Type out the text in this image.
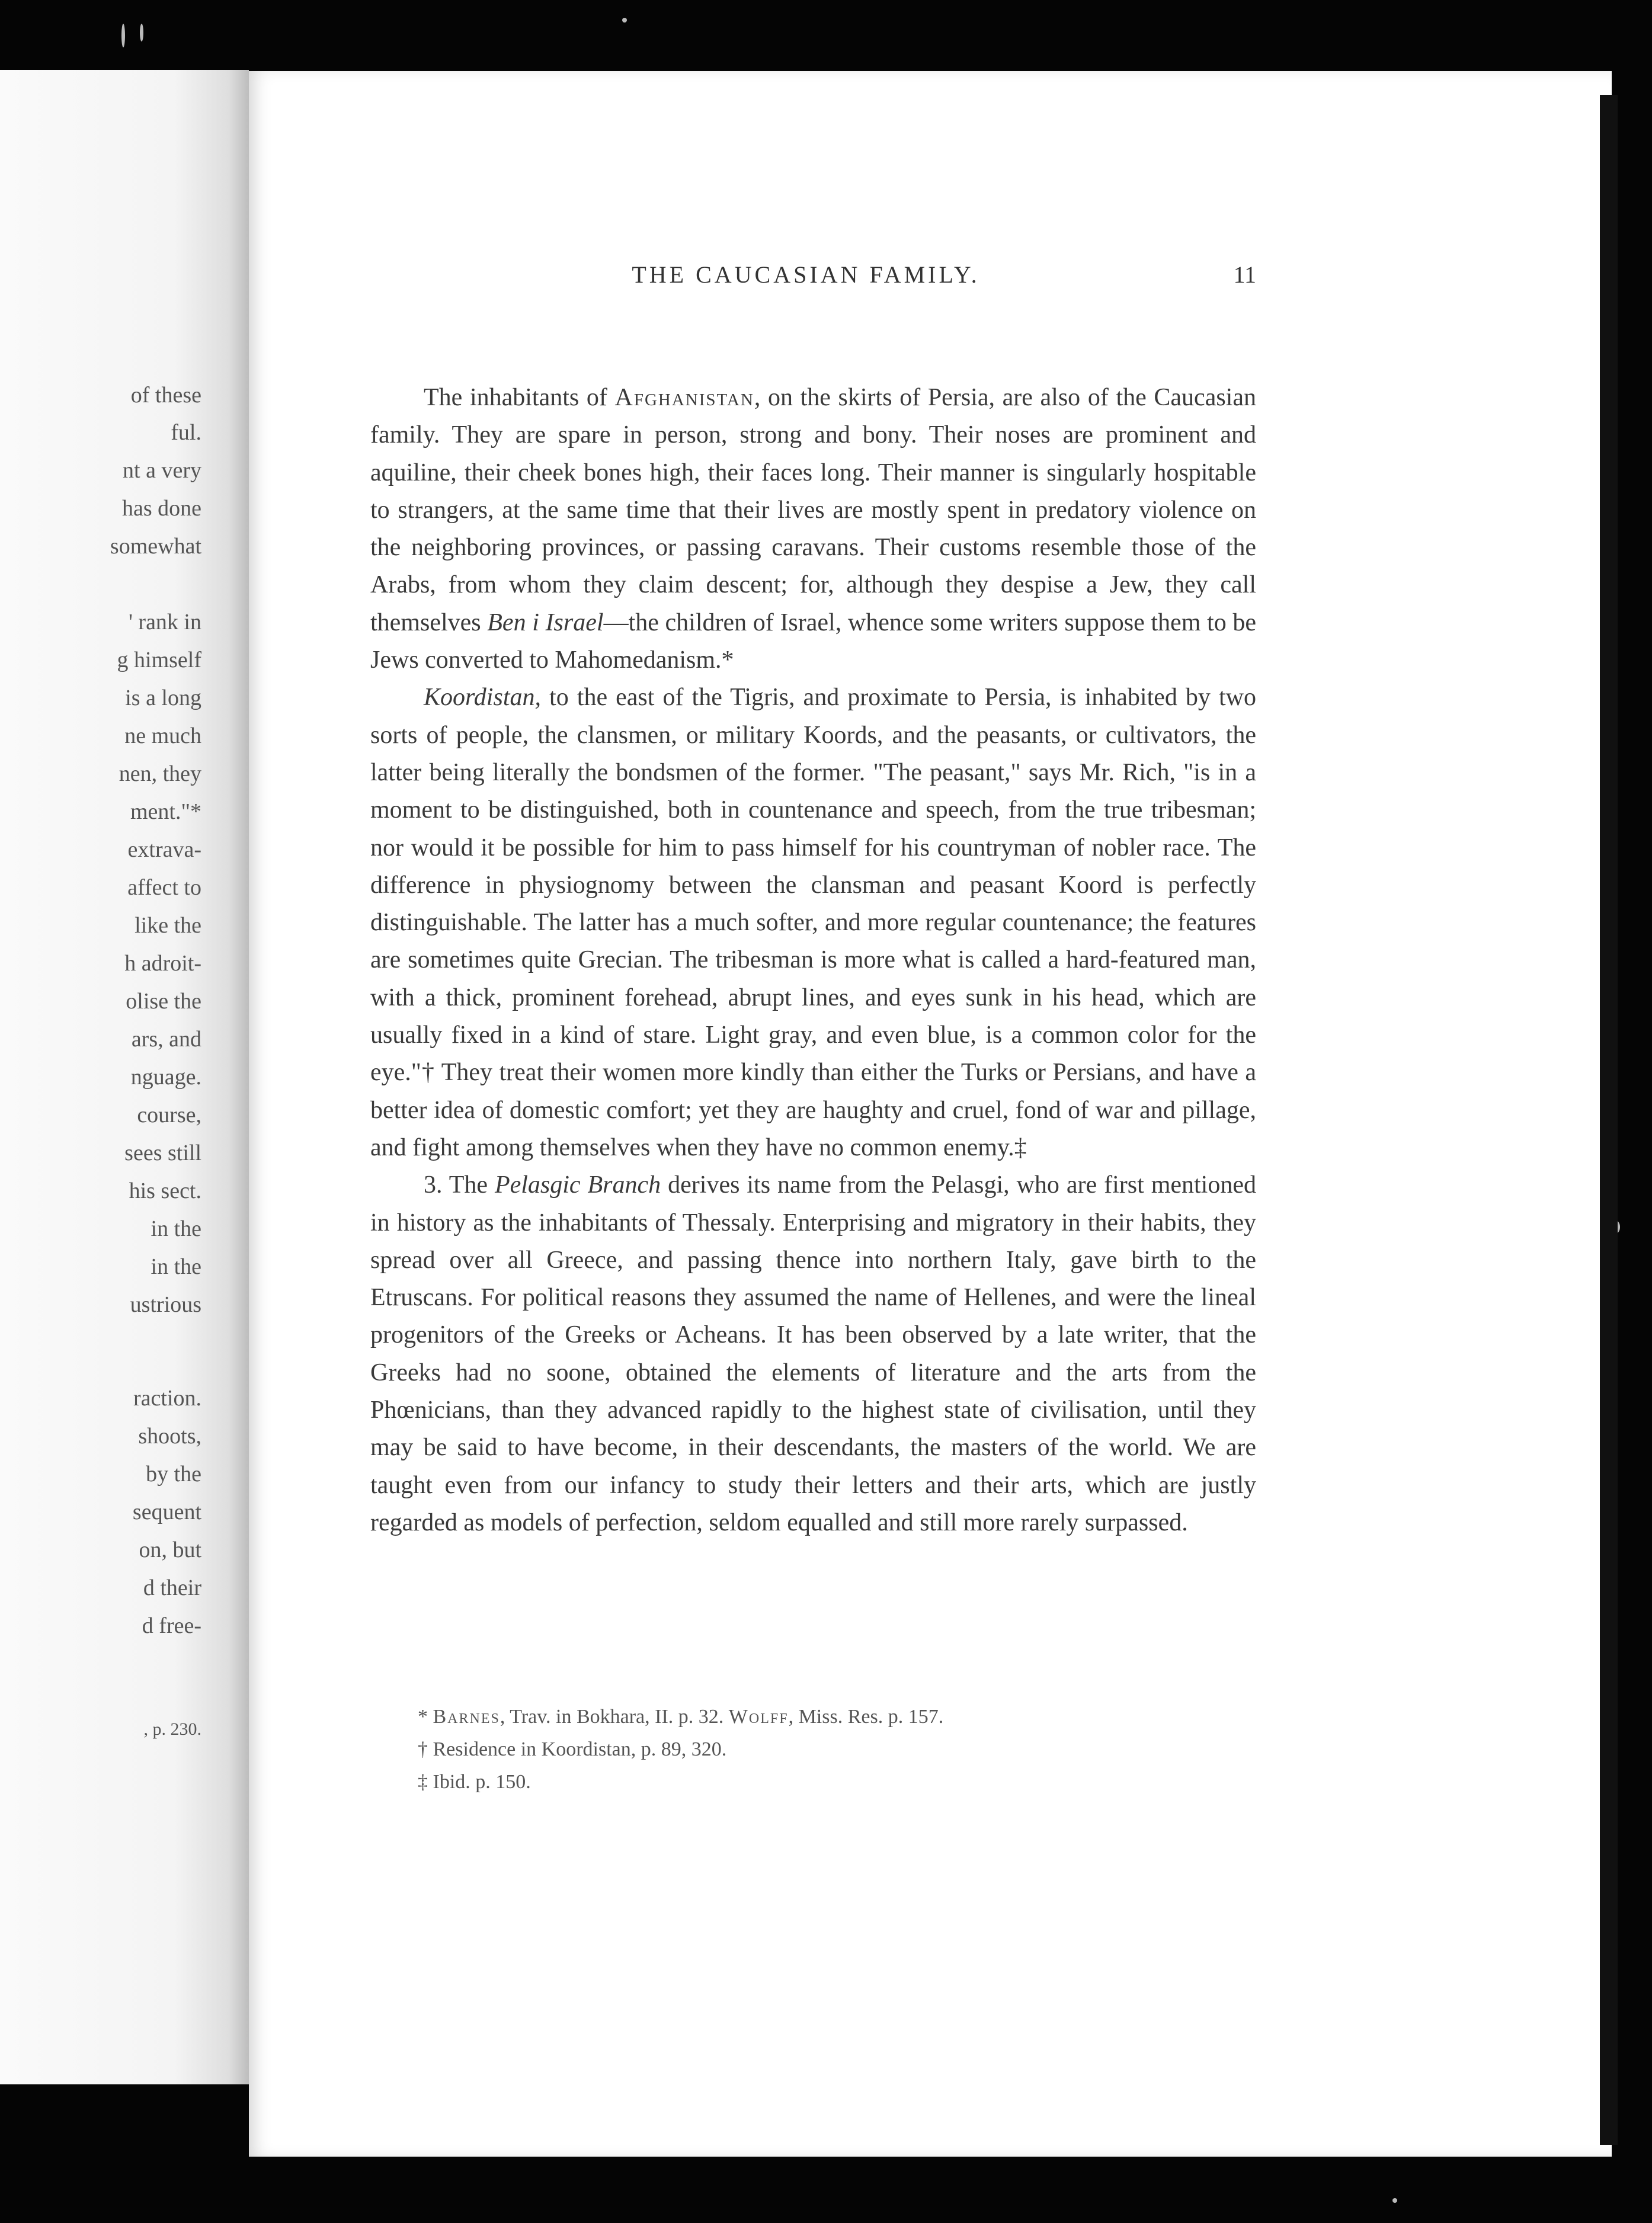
of these
ful.
nt a very
has done
somewhat
' rank in
g himself
is a long
ne much
nen, they
ment."*
extrava-
affect to
like the
h adroit-
olise the
ars, and
nguage.
course,
sees still
his sect.
in the
in the
ustrious
raction.
shoots,
by the
sequent
on, but
d their
d free-
, p. 230.
THE CAUCASIAN FAMILY.	11

The inhabitants of Afghanistan, on the skirts of Persia, are also of the Caucasian family. They are spare in person, strong and bony. Their noses are prominent and aquiline, their cheek bones high, their faces long. Their manner is singularly hospitable to strangers, at the same time that their lives are mostly spent in predatory violence on the neighboring provinces, or passing caravans. Their customs resemble those of the Arabs, from whom they claim descent; for, although they despise a Jew, they call themselves Ben i Israel—the children of Israel, whence some writers suppose them to be Jews converted to Mahomedanism.*

Koordistan, to the east of the Tigris, and proximate to Persia, is inhabited by two sorts of people, the clansmen, or military Koords, and the peasants, or cultivators, the latter being literally the bondsmen of the former. "The peasant," says Mr. Rich, "is in a moment to be distinguished, both in countenance and speech, from the true tribesman; nor would it be possible for him to pass himself for his countryman of nobler race. The difference in physiognomy between the clansman and peasant Koord is perfectly distinguishable. The latter has a much softer, and more regular countenance; the features are sometimes quite Grecian. The tribesman is more what is called a hard-featured man, with a thick, prominent forehead, abrupt lines, and eyes sunk in his head, which are usually fixed in a kind of stare. Light gray, and even blue, is a common color for the eye."† They treat their women more kindly than either the Turks or Persians, and have a better idea of domestic comfort; yet they are haughty and cruel, fond of war and pillage, and fight among themselves when they have no common enemy.‡

3. The Pelasgic Branch derives its name from the Pelasgi, who are first mentioned in history as the inhabitants of Thessaly. Enterprising and migratory in their habits, they spread over all Greece, and passing thence into northern Italy, gave birth to the Etruscans. For political reasons they assumed the name of Hellenes, and were the lineal progenitors of the Greeks or Acheans. It has been observed by a late writer, that the Greeks had no soone, obtained the elements of literature and the arts from the Phœnicians, than they advanced rapidly to the highest state of civilisation, until they may be said to have become, in their descendants, the masters of the world. We are taught even from our infancy to study their letters and their arts, which are justly regarded as models of perfection, seldom equalled and still more rarely surpassed.

* Barnes, Trav. in Bokhara, II. p. 32. Wolff, Miss. Res. p. 157.
† Residence in Koordistan, p. 89, 320.
‡ Ibid. p. 150.
